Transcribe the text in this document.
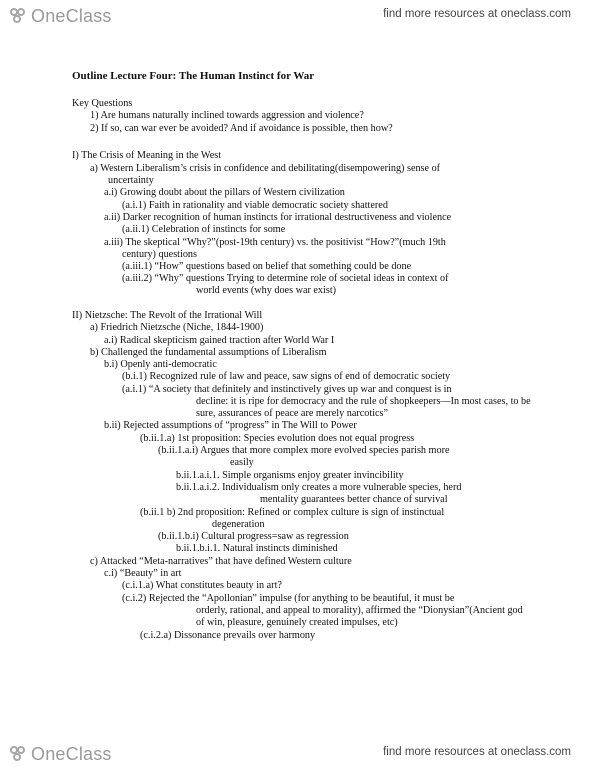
OneClass	find more resources at oneclass.com
Outline Lecture Four: The Human Instinct for War
Key Questions
1) Are humans naturally inclined towards aggression and violence?
2) If so, can war ever be avoided? And if avoidance is possible, then how?
I) The Crisis of Meaning in the West
a) Western Liberalism’s crisis in confidence and debilitating(disempowering) sense of
uncertainty
a.i) Growing doubt about the pillars of Western civilization
(a.i.1) Faith in rationality and viable democratic society shattered
a.ii) Darker recognition of human instincts for irrational destructiveness and violence
(a.ii.1) Celebration of instincts for some
a.iii) The skeptical “Why?”(post-19th century) vs. the positivist “How?”(much 19th
century) questions
(a.iii.1) “How” questions based on belief that something could be done
(a.iii.2) “Why” questions Trying to determine role of societal ideas in context of
world events (why does war exist)
II) Nietzsche: The Revolt of the Irrational Will
a) Friedrich Nietzsche (Niche, 1844-1900)
a.i) Radical skepticism gained traction after World War I
b) Challenged the fundamental assumptions of Liberalism
b.i) Openly anti-democratic
(b.i.1) Recognized rule of law and peace, saw signs of end of democratic society
(a.i.1) “A society that definitely and instinctively gives up war and conquest is in
decline: it is ripe for democracy and the rule of shopkeepers—In most cases, to be
sure, assurances of peace are merely narcotics”
b.ii) Rejected assumptions of “progress” in The Will to Power
(b.ii.1.a) 1st proposition: Species evolution does not equal progress
(b.ii.1.a.i) Argues that more complex more evolved species parish more
easily
b.ii.1.a.i.1. Simple organisms enjoy greater invincibility
b.ii.1.a.i.2. Individualism only creates a more vulnerable species, herd
mentality guarantees better chance of survival
(b.ii.1 b) 2nd proposition: Refined or complex culture is sign of instinctual
degeneration
(b.ii.1.b.i) Cultural progress=saw as regression
b.ii.1.b.i.1. Natural instincts diminished
c) Attacked “Meta-narratives” that have defined Western culture
c.i) “Beauty” in art
(c.i.1.a) What constitutes beauty in art?
(c.i.2) Rejected the “Apollonian” impulse (for anything to be beautiful, it must be
orderly, rational, and appeal to morality), affirmed the “Dionysian”(Ancient god
of win, pleasure, genuinely created impulses, etc)
(c.i.2.a) Dissonance prevails over harmony
OneClass	find more resources at oneclass.com
